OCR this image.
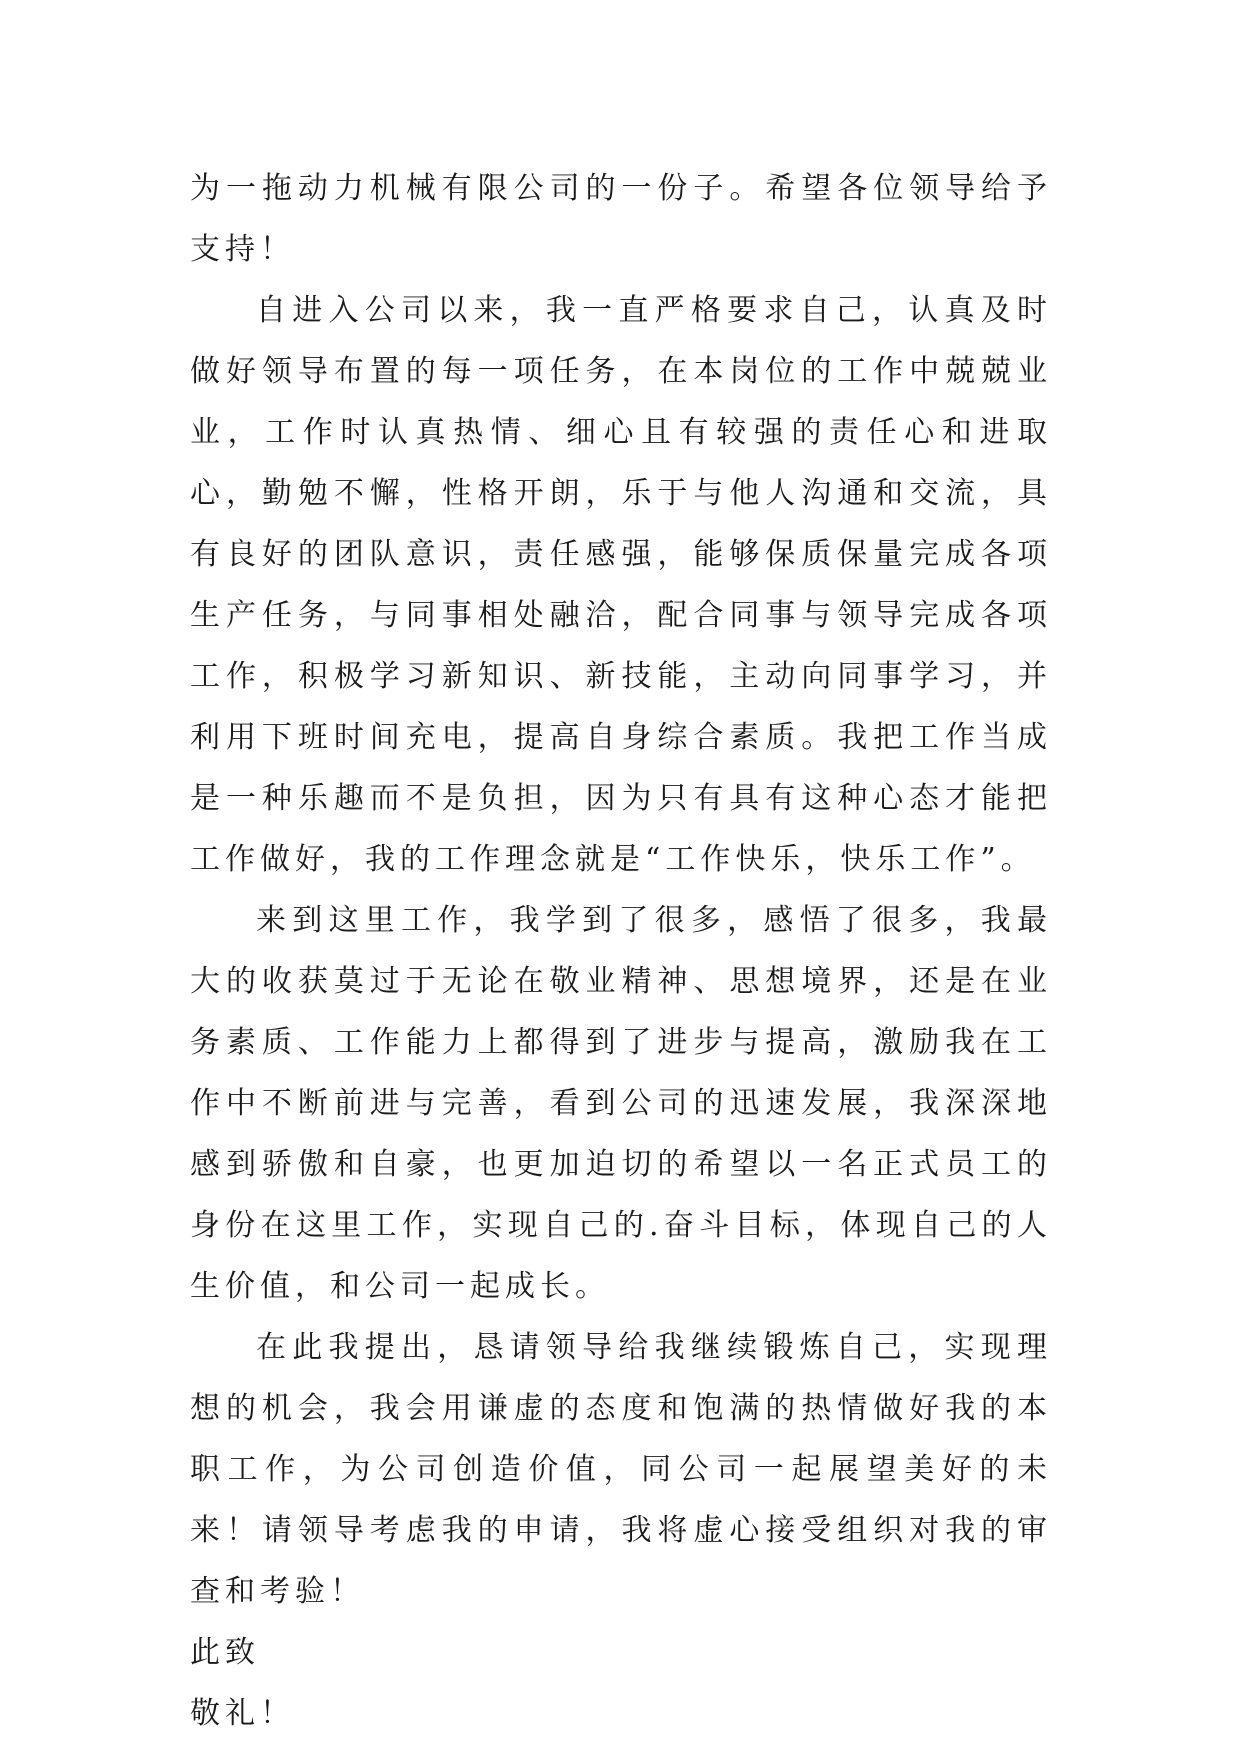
为一拖动力机械有限公司的一份子。希望各位领导给予支持！

自进入公司以来，我一直严格要求自己，认真及时做好领导布置的每一项任务，在本岗位的工作中兢兢业业，工作时认真热情、细心且有较强的责任心和进取心，勤勉不懈，性格开朗，乐于与他人沟通和交流，具有良好的团队意识，责任感强，能够保质保量完成各项生产任务，与同事相处融洽，配合同事与领导完成各项工作，积极学习新知识、新技能，主动向同事学习，并利用下班时间充电，提高自身综合素质。我把工作当成是一种乐趣而不是负担，因为只有具有这种心态才能把工作做好，我的工作理念就是“工作快乐，快乐工作”。

来到这里工作，我学到了很多，感悟了很多，我最大的收获莫过于无论在敬业精神、思想境界，还是在业务素质、工作能力上都得到了进步与提高，激励我在工作中不断前进与完善，看到公司的迅速发展，我深深地感到骄傲和自豪，也更加迫切的希望以一名正式员工的身份在这里工作，实现自己的.奋斗目标，体现自己的人生价值，和公司一起成长。

在此我提出，恳请领导给我继续锻炼自己，实现理想的机会，我会用谦虚的态度和饱满的热情做好我的本职工作，为公司创造价值，同公司一起展望美好的未来！请领导考虑我的申请，我将虚心接受组织对我的审查和考验！

此致

敬礼！
